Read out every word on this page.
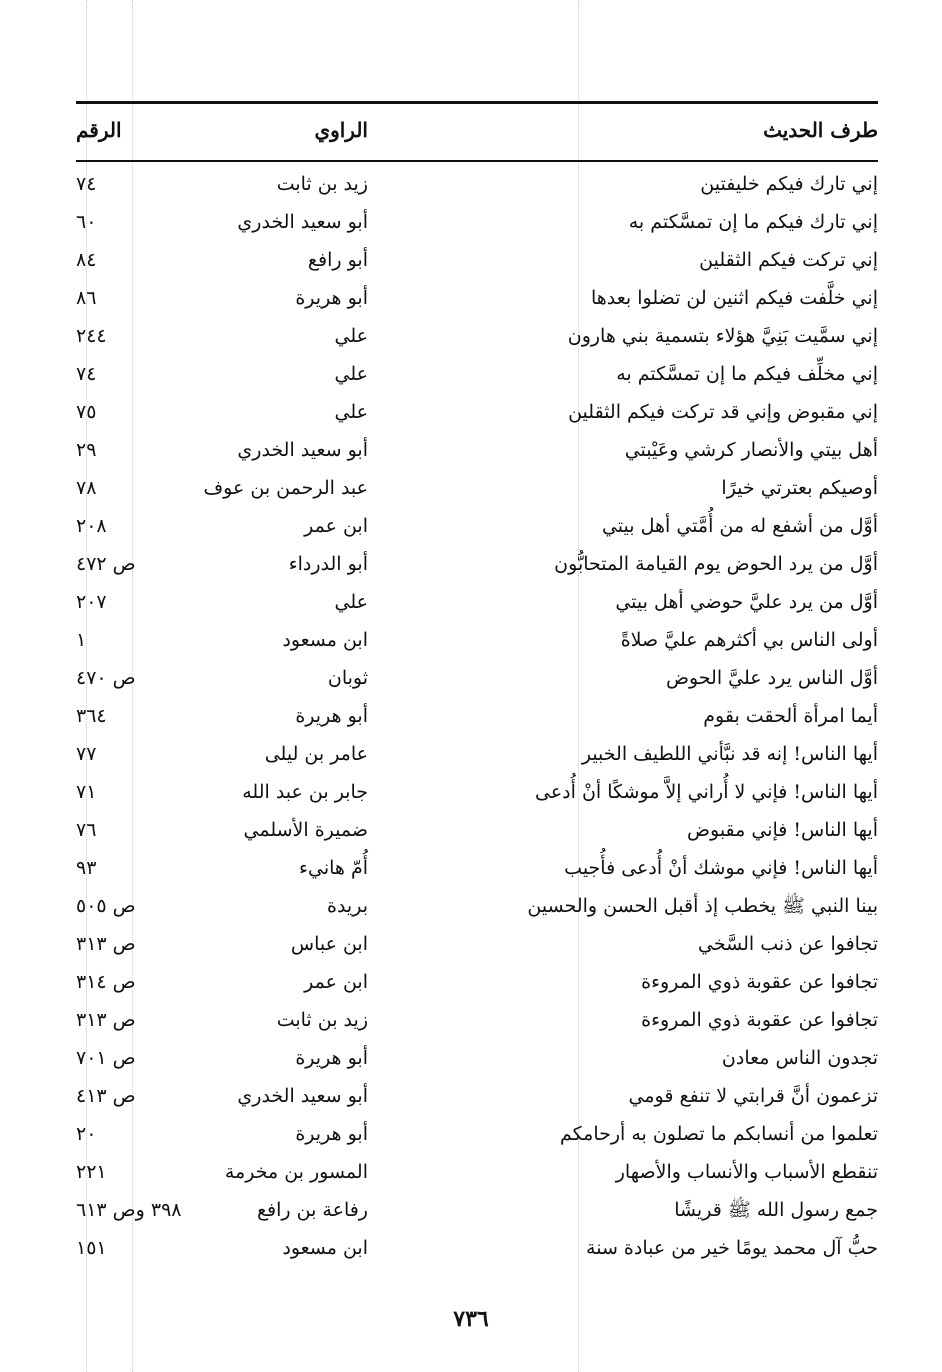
طرف الحديث
الراوي
الرقم
إني تارك فيكم خليفتين
زيد بن ثابت
٧٤
إني تارك فيكم ما إن تمسَّكتم به
أبو سعيد الخدري
٦٠
إني تركت فيكم الثقلين
أبو رافع
٨٤
إني خلَّفت فيكم اثنين لن تضلوا بعدها
أبو هريرة
٨٦
إني سمَّيت بَنِيَّ هؤلاء بتسمية بني هارون
علي
٢٤٤
إني مخلِّف فيكم ما إن تمسَّكتم به
علي
٧٤
إني مقبوض وإني قد تركت فيكم الثقلين
علي
٧٥
أهل بيتي والأنصار كرشي وعَيْبتي
أبو سعيد الخدري
٢٩
أوصيكم بعترتي خيرًا
عبد الرحمن بن عوف
٧٨
أوَّل من أشفع له من أُمَّتي أهل بيتي
ابن عمر
٢٠٨
أوَّل من يرد الحوض يوم القيامة المتحابُّون
أبو الدرداء
ص ٤٧٢
أوَّل من يرد عليَّ حوضي أهل بيتي
علي
٢٠٧
أولى الناس بي أكثرهم عليَّ صلاةً
ابن مسعود
١
أوَّل الناس يرد عليَّ الحوض
ثوبان
ص ٤٧٠
أيما امرأة ألحقت بقوم
أبو هريرة
٣٦٤
أيها الناس! إنه قد نبَّأني اللطيف الخبير
عامر بن ليلى
٧٧
أيها الناس! فإني لا أُراني إلاَّ موشكًا أنْ أُدعى
جابر بن عبد الله
٧١
أيها الناس! فإني مقبوض
ضميرة الأسلمي
٧٦
أيها الناس! فإني موشك أنْ أُدعى فأُجيب
أُمّ هانيء
٩٣
بينا النبي ﷺ يخطب إذ أقبل الحسن والحسين
بريدة
ص ٥٠٥
تجافوا عن ذنب السَّخي
ابن عباس
ص ٣١٣
تجافوا عن عقوبة ذوي المروءة
ابن عمر
ص ٣١٤
تجافوا عن عقوبة ذوي المروءة
زيد بن ثابت
ص ٣١٣
تجدون الناس معادن
أبو هريرة
ص ٧٠١
تزعمون أنَّ قرابتي لا تنفع قومي
أبو سعيد الخدري
ص ٤١٣
تعلموا من أنسابكم ما تصلون به أرحامكم
أبو هريرة
٢٠
تنقطع الأسباب والأنساب والأصهار
المسور بن مخرمة
٢٢١
جمع رسول الله ﷺ قريشًا
رفاعة بن رافع
٣٩٨ وص ٦١٣
حبُّ آل محمد يومًا خير من عبادة سنة
ابن مسعود
١٥١
٧٣٦
